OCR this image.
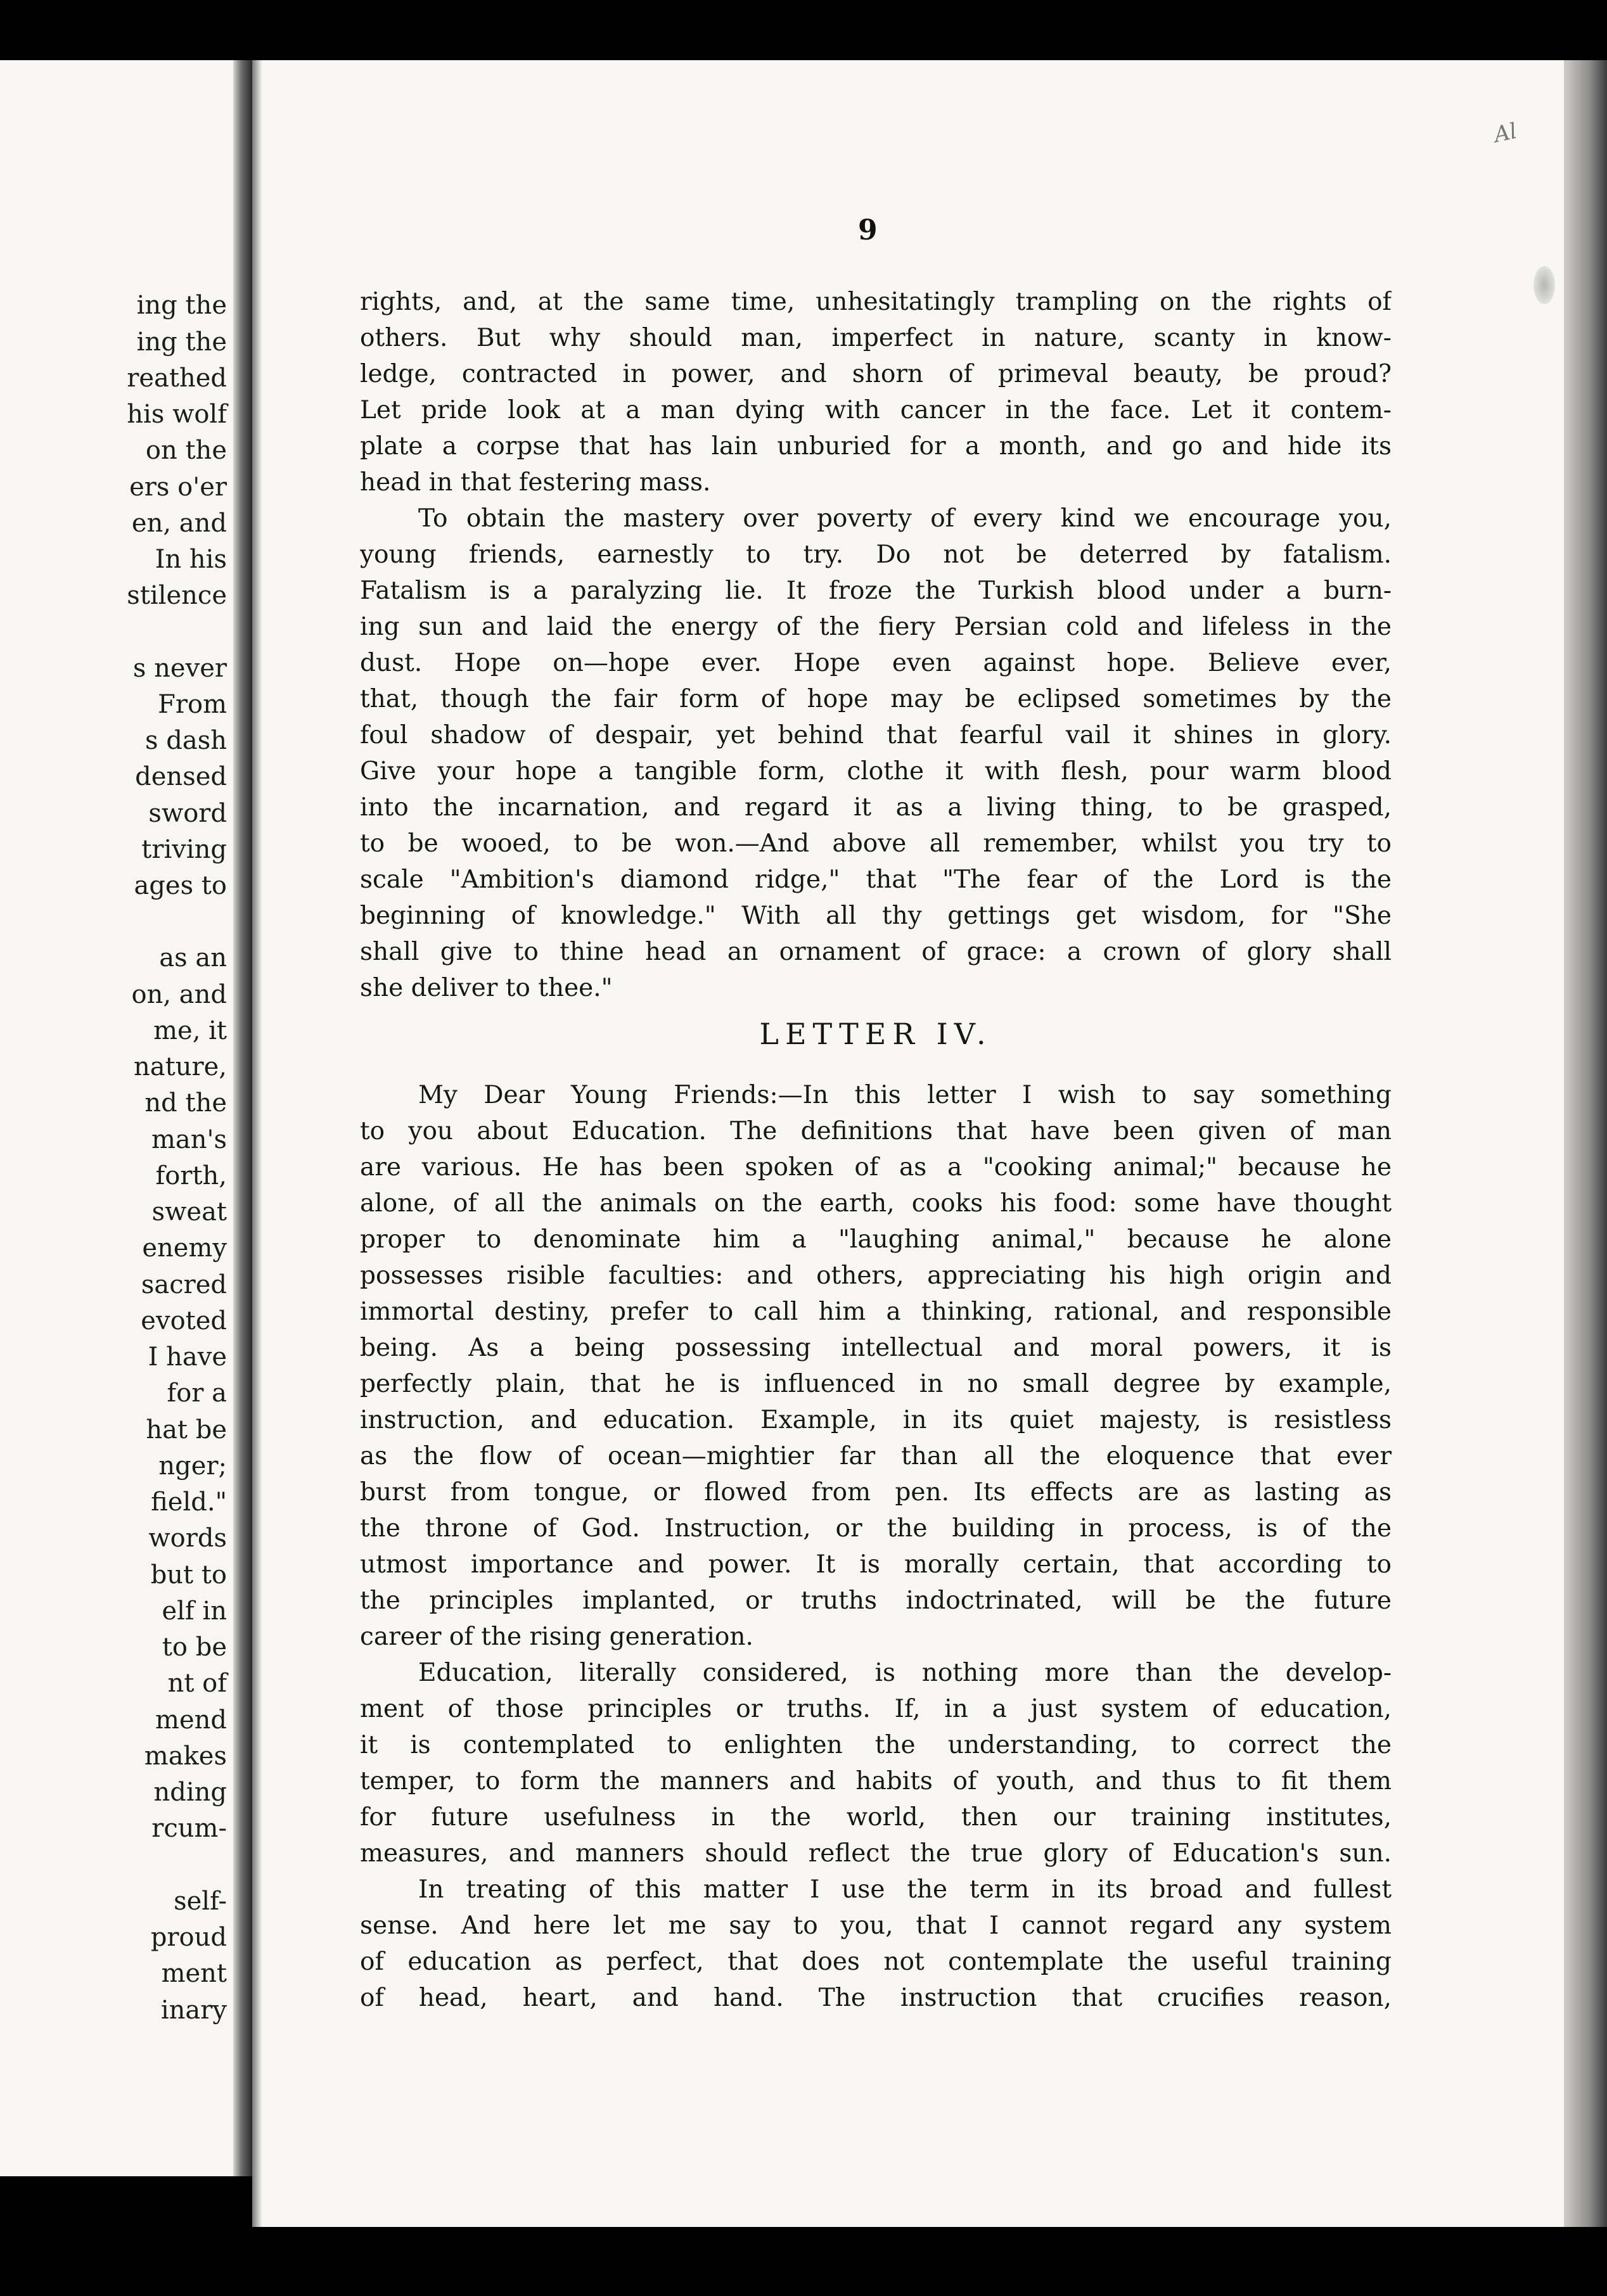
ing the
ing the
reathed
his wolf
on the
ers o'er
en, and
In his
stilence
s never
From
s dash
densed
sword
triving
ages to
as an
on, and
me, it
nature,
nd the
man's
forth,
sweat
enemy
sacred
evoted
I have
for a
hat be
nger;
field."
words
but to
elf in
to be
nt of
mend
makes
nding
rcum-
self-
proud
ment
inary
Al
9
rights, and, at the same time, unhesitatingly trampling on the rights of
others. But why should man, imperfect in nature, scanty in know-
ledge, contracted in power, and shorn of primeval beauty, be proud?
Let pride look at a man dying with cancer in the face. Let it contem-
plate a corpse that has lain unburied for a month, and go and hide its
head in that festering mass.
To obtain the mastery over poverty of every kind we encourage you,
young friends, earnestly to try. Do not be deterred by fatalism.
Fatalism is a paralyzing lie. It froze the Turkish blood under a burn-
ing sun and laid the energy of the fiery Persian cold and lifeless in the
dust. Hope on—hope ever. Hope even against hope. Believe ever,
that, though the fair form of hope may be eclipsed sometimes by the
foul shadow of despair, yet behind that fearful vail it shines in glory.
Give your hope a tangible form, clothe it with flesh, pour warm blood
into the incarnation, and regard it as a living thing, to be grasped,
to be wooed, to be won.—And above all remember, whilst you try to
scale "Ambition's diamond ridge," that "The fear of the Lord is the
beginning of knowledge." With all thy gettings get wisdom, for "She
shall give to thine head an ornament of grace: a crown of glory shall
she deliver to thee."
LETTER IV.
My Dear Young Friends:—In this letter I wish to say something
to you about Education. The definitions that have been given of man
are various. He has been spoken of as a "cooking animal;" because he
alone, of all the animals on the earth, cooks his food: some have thought
proper to denominate him a "laughing animal," because he alone
possesses risible faculties: and others, appreciating his high origin and
immortal destiny, prefer to call him a thinking, rational, and responsible
being. As a being possessing intellectual and moral powers, it is
perfectly plain, that he is influenced in no small degree by example,
instruction, and education. Example, in its quiet majesty, is resistless
as the flow of ocean—mightier far than all the eloquence that ever
burst from tongue, or flowed from pen. Its effects are as lasting as
the throne of God. Instruction, or the building in process, is of the
utmost importance and power. It is morally certain, that according to
the principles implanted, or truths indoctrinated, will be the future
career of the rising generation.
Education, literally considered, is nothing more than the develop-
ment of those principles or truths. If, in a just system of education,
it is contemplated to enlighten the understanding, to correct the
temper, to form the manners and habits of youth, and thus to fit them
for future usefulness in the world, then our training institutes,
measures, and manners should reflect the true glory of Education's sun.
In treating of this matter I use the term in its broad and fullest
sense. And here let me say to you, that I cannot regard any system
of education as perfect, that does not contemplate the useful training
of head, heart, and hand. The instruction that crucifies reason,
